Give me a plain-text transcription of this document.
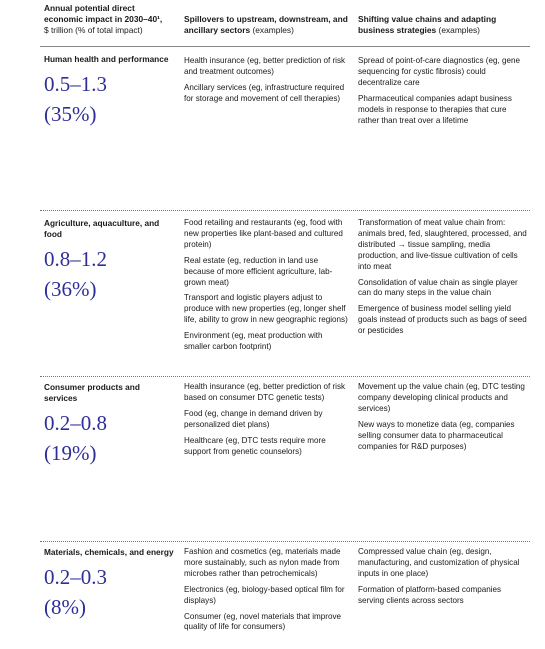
Annual potential direct economic impact in 2030–40¹,
$ trillion (% of total impact)
Spillovers to upstream, downstream, and ancillary sectors (examples)
Shifting value chains and adapting business strategies (examples)
Human health and performance
0.5–1.3
(35%)

Health insurance (eg, better prediction of risk and treatment outcomes)

Ancillary services (eg, infrastructure required for storage and movement of cell therapies)

Spread of point-of-care diagnostics (eg, gene sequencing for cystic fibrosis) could decentralize care

Pharmaceutical companies adapt business models in response to therapies that cure rather than treat over a lifetime

Agriculture, aquaculture, and food
0.8–1.2
(36%)

Food retailing and restaurants (eg, food with new properties like plant-based and cultured protein)

Real estate (eg, reduction in land use because of more efficient agriculture, lab-grown meat)

Transport and logistic players adjust to produce with new properties (eg, longer shelf life, ability to grow in new geographic regions)

Environment (eg, meat production with smaller carbon footprint)

Transformation of meat value chain from: animals bred, fed, slaughtered, processed, and distributed → tissue sampling, media production, and live-tissue cultivation of cells into meat

Consolidation of value chain as single player can do many steps in the value chain

Emergence of business model selling yield goals instead of products such as bags of seed or pesticides

Consumer products and services
0.2–0.8
(19%)

Health insurance (eg, better prediction of risk based on consumer DTC genetic tests)

Food (eg, change in demand driven by personalized diet plans)

Healthcare (eg, DTC tests require more support from genetic counselors)

Movement up the value chain (eg, DTC testing company developing clinical products and services)

New ways to monetize data (eg, companies selling consumer data to pharmaceutical companies for R&D purposes)

Materials, chemicals, and energy
0.2–0.3
(8%)

Fashion and cosmetics (eg, materials made more sustainably, such as nylon made from microbes rather than petrochemicals)

Electronics (eg, biology-based optical film for displays)

Consumer (eg, novel materials that improve quality of life for consumers)

Compressed value chain (eg, design, manufacturing, and customization of physical inputs in one place)

Formation of platform-based companies serving clients across sectors
